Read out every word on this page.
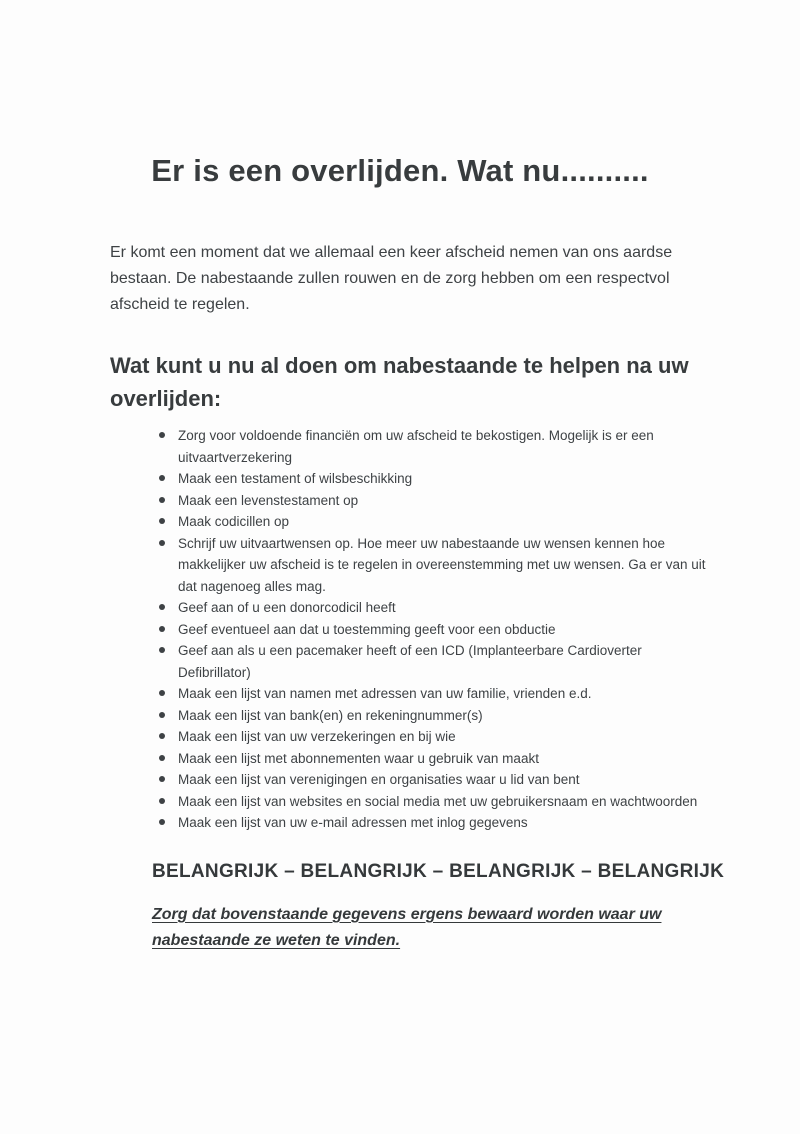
Er is een overlijden. Wat nu..........
Er komt een moment dat we allemaal een keer afscheid nemen van ons aardse bestaan. De nabestaande zullen rouwen en de zorg hebben om een respectvol afscheid te regelen.
Wat kunt u nu al doen om nabestaande te helpen na uw overlijden:
Zorg voor voldoende financiën om uw afscheid te bekostigen. Mogelijk is er een uitvaartverzekering
Maak een testament of wilsbeschikking
Maak een levenstestament op
Maak codicillen op
Schrijf uw uitvaartwensen op. Hoe meer uw nabestaande uw wensen kennen hoe makkelijker uw afscheid is te regelen in overeenstemming met uw wensen. Ga er van uit dat nagenoeg alles mag.
Geef aan of u een donorcodicil heeft
Geef eventueel aan dat u toestemming geeft voor een obductie
Geef aan als u een pacemaker heeft of een ICD (Implanteerbare Cardioverter Defibrillator)
Maak een lijst van namen met adressen van uw familie, vrienden e.d.
Maak een lijst van bank(en) en rekeningnummer(s)
Maak een lijst van uw verzekeringen en bij wie
Maak een lijst met abonnementen waar u gebruik van maakt
Maak een lijst van verenigingen en organisaties waar u lid van bent
Maak een lijst van websites en social media met uw gebruikersnaam en wachtwoorden
Maak een lijst van uw e-mail adressen met inlog gegevens
BELANGRIJK – BELANGRIJK – BELANGRIJK – BELANGRIJK
Zorg dat bovenstaande gegevens ergens bewaard worden waar uw nabestaande ze weten te vinden.
